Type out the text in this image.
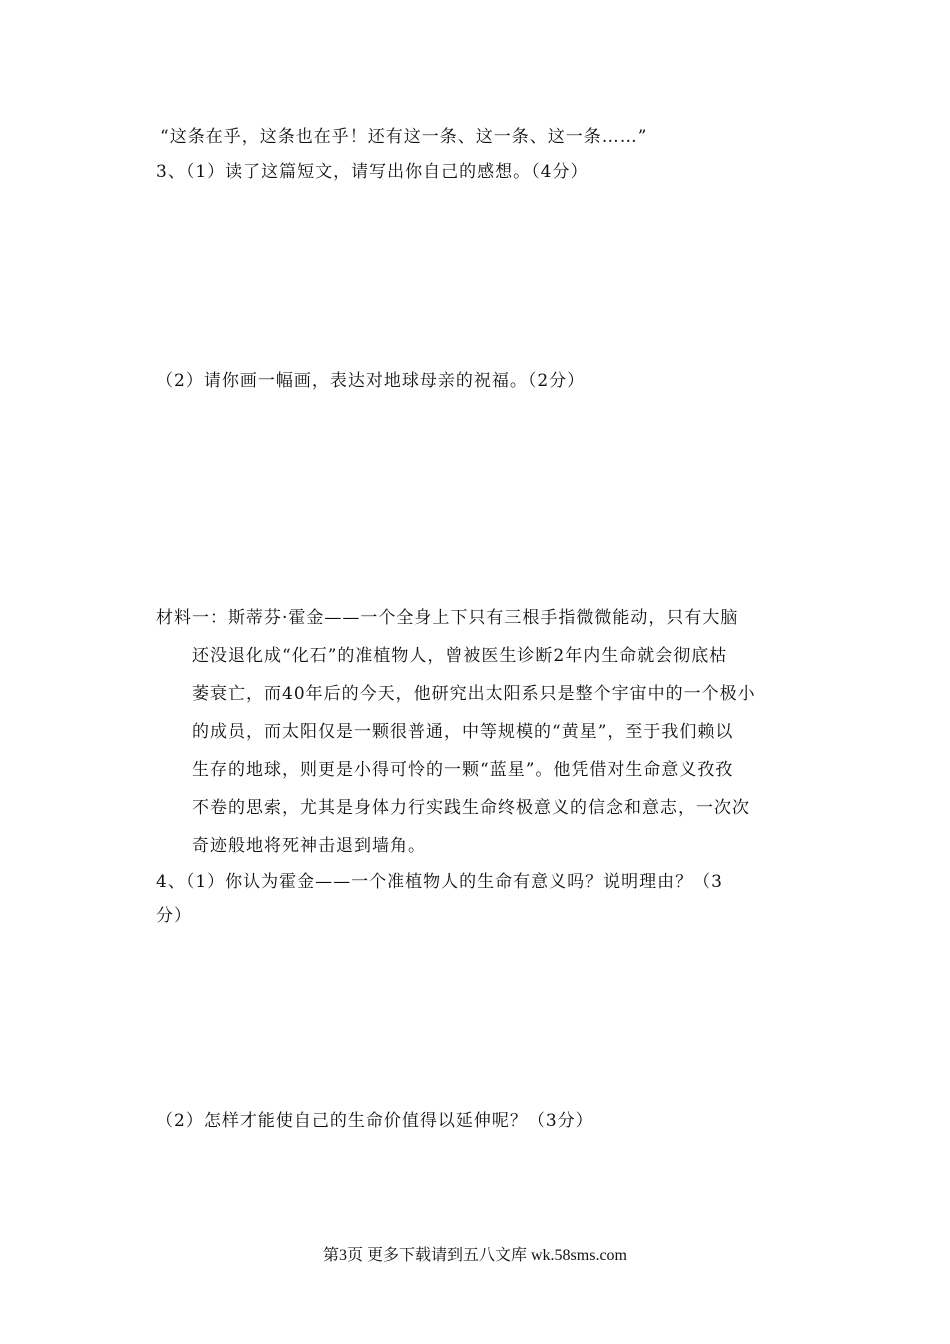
“这条在乎，这条也在乎！还有这一条、这一条、这一条……”
3、（1）读了这篇短文，请写出你自己的感想。（4分）
（2）请你画一幅画，表达对地球母亲的祝福。（2分）
材料一：斯蒂芬·霍金——一个全身上下只有三根手指微微能动，只有大脑
还没退化成“化石”的准植物人，曾被医生诊断2年内生命就会彻底枯
萎衰亡，而40年后的今天，他研究出太阳系只是整个宇宙中的一个极小
的成员，而太阳仅是一颗很普通，中等规模的“黄星”，至于我们赖以
生存的地球，则更是小得可怜的一颗“蓝星”。他凭借对生命意义孜孜
不卷的思索，尤其是身体力行实践生命终极意义的信念和意志，一次次
奇迹般地将死神击退到墙角。
4、（1）你认为霍金——一个准植物人的生命有意义吗？说明理由？（3
分）
（2）怎样才能使自己的生命价值得以延伸呢？（3分）
第3页 更多下载请到五八文库 wk.58sms.com
